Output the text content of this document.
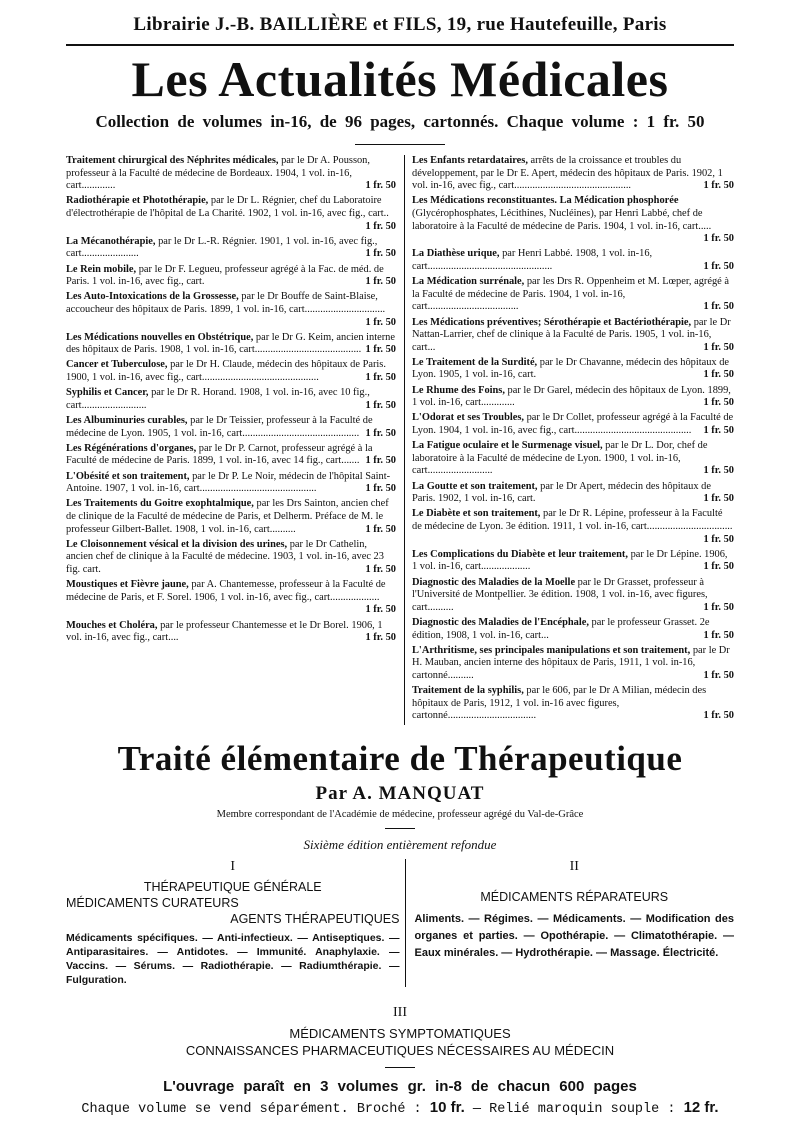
Librairie J.-B. BAILLIÈRE et FILS, 19, rue Hautefeuille, Paris
Les Actualités Médicales
Collection de volumes in-16, de 96 pages, cartonnés. Chaque volume : 1 fr. 50
Traitement chirurgical des Néphrites médicales, par le Dr A. Pousson, professeur à la Faculté de médecine de Bordeaux. 1904, 1 vol. in-16, cart.............	1 fr. 50
Radiothérapie et Photothérapie, par le Dr L. Régnier, chef du Laboratoire d'électrothérapie de l'hôpital de La Charité. 1902, 1 vol. in-16, avec fig., cart..
1 fr. 50
La Mécanothérapie, par le Dr L.-R. Régnier. 1901, 1 vol. in-16, avec fig., cart......................	1 fr. 50
Le Rein mobile, par le Dr F. Legueu, professeur agrégé à la Fac. de méd. de Paris. 1 vol. in-16, avec fig., cart.	1 fr. 50
Les Auto-Intoxications de la Grossesse, par le Dr Bouffe de Saint-Blaise, accoucheur des hôpitaux de Paris. 1899, 1 vol. in-16, cart...............................
1 fr. 50
Les Médications nouvelles en Obstétrique, par le Dr G. Keim, ancien interne des hôpitaux de Paris. 1908, 1 vol. in-16, cart......................................... 1 fr. 50
Cancer et Tuberculose, par le Dr H. Claude, médecin des hôpitaux de Paris. 1900, 1 vol. in-16, avec fig., cart.............................................	1 fr. 50
Syphilis et Cancer, par le Dr R. Horand. 1908, 1 vol. in-16, avec 10 fig., cart.........................	1 fr. 50
Les Albuminuries curables, par le Dr Teissier, professeur à la Faculté de médecine de Lyon. 1905, 1 vol. in-16, cart............................................. 1 fr. 50
Les Régénérations d'organes, par le Dr P. Carnot, professeur agrégé à la Faculté de médecine de Paris. 1899, 1 vol. in-16, avec 14 fig., cart....... 1 fr. 50
L'Obésité et son traitement, par le Dr P. Le Noir, médecin de l'hôpital Saint-Antoine. 1907, 1 vol. in-16, cart.............................................	1 fr. 50
Les Traitements du Goitre exophtalmique, par les Drs Sainton, ancien chef de clinique de la Faculté de médecine de Paris, et Delherm. Préface de M. le professeur Gilbert-Ballet. 1908, 1 vol. in-16, cart..........	1 fr. 50
Le Cloisonnement vésical et la division des urines, par le Dr Cathelin, ancien chef de clinique à la Faculté de médecine. 1903, 1 vol. in-16, avec 23 fig. cart.	1 fr. 50
Moustiques et Fièvre jaune, par A. Chantemesse, professeur à la Faculté de médecine de Paris, et F. Sorel. 1906, 1 vol. in-16, avec fig., cart...................
1 fr. 50
Mouches et Choléra, par le professeur Chantemesse et le Dr Borel. 1906, 1 vol. in-16, avec fig., cart....	1 fr. 50
Les Enfants retardataires, arrêts de la croissance et troubles du développement, par le Dr E. Apert, médecin des hôpitaux de Paris. 1902, 1 vol. in-16, avec fig., cart.............................................	1 fr. 50
Les Médications reconstituantes. La Médication phosphorée (Glycérophosphates, Lécithines, Nucléines), par Henri Labbé, chef de laboratoire à la Faculté de médecine de Paris. 1904, 1 vol. in-16, cart.....
1 fr. 50
La Diathèse urique, par Henri Labbé. 1908, 1 vol. in-16, cart................................................	1 fr. 50
La Médication surrénale, par les Drs R. Oppenheim et M. Lœper, agrégé à la Faculté de médecine de Paris. 1904, 1 vol. in-16, cart...................................	1 fr. 50
Les Médications préventives; Sérothérapie et Bactériothérapie, par le Dr Nattan-Larrier, chef de clinique à la Faculté de Paris. 1905, 1 vol. in-16, cart...	1 fr. 50
Le Traitement de la Surdité, par le Dr Chavanne, médecin des hôpitaux de Lyon. 1905, 1 vol. in-16, cart.	1 fr. 50
Le Rhume des Foins, par le Dr Garel, médecin des hôpitaux de Lyon. 1899, 1 vol. in-16, cart.............	1 fr. 50
L'Odorat et ses Troubles, par le Dr Collet, professeur agrégé à la Faculté de Lyon. 1904, 1 vol. in-16, avec fig., cart............................................. 1 fr. 50
La Fatigue oculaire et le Surmenage visuel, par le Dr L. Dor, chef de laboratoire à la Faculté de médecine de Lyon. 1900, 1 vol. in-16, cart.........................	1 fr. 50
La Goutte et son traitement, par le Dr Apert, médecin des hôpitaux de Paris. 1902, 1 vol. in-16, cart.	1 fr. 50
Le Diabète et son traitement, par le Dr R. Lépine, professeur à la Faculté de médecine de Lyon. 3e édition. 1911, 1 vol. in-16, cart.................................
1 fr. 50
Les Complications du Diabète et leur traitement, par le Dr Lépine. 1906, 1 vol. in-16, cart...................	1 fr. 50
Diagnostic des Maladies de la Moelle par le Dr Grasset, professeur à l'Université de Montpellier. 3e édition. 1908, 1 vol. in-16, avec figures, cart..........	1 fr. 50
Diagnostic des Maladies de l'Encéphale, par le professeur Grasset. 2e édition, 1908, 1 vol. in-16, cart...	1 fr. 50
L'Arthritisme, ses principales manipulations et son traitement, par le Dr H. Mauban, ancien interne des hôpitaux de Paris, 1911, 1 vol. in-16, cartonné..........	1 fr. 50
Traitement de la syphilis, par le 606, par le Dr A Milian, médecin des hôpitaux de Paris, 1912, 1 vol. in-16 avec figures, cartonné..................................	1 fr. 50
Traité élémentaire de Thérapeutique
Par A. MANQUAT
Membre correspondant de l'Académie de médecine, professeur agrégé du Val-de-Grâce
Sixième édition entièrement refondue
I
THÉRAPEUTIQUE GÉNÉRALE
MÉDICAMENTS CURATEURS
AGENTS THÉRAPEUTIQUES
Médicaments spécifiques. — Anti-infectieux. — Antiseptiques. — Antiparasitaires. — Antidotes. — Immunité. Anaphylaxie. — Vaccins. — Sérums. — Radiothérapie. — Radiumthérapie. — Fulguration.
II
MÉDICAMENTS RÉPARATEURS
Aliments. — Régimes. — Médicaments. — Modification des organes et parties. — Opothérapie. — Climatothérapie. — Eaux minérales. — Hydrothérapie. — Massage. Électricité.
III
MÉDICAMENTS SYMPTOMATIQUES
CONNAISSANCES PHARMACEUTIQUES NÉCESSAIRES AU MÉDECIN
L'ouvrage paraît en 3 volumes gr. in-8 de chacun 600 pages
Chaque volume se vend séparément. Broché : 10 fr. — Relié maroquin souple : 12 fr.
